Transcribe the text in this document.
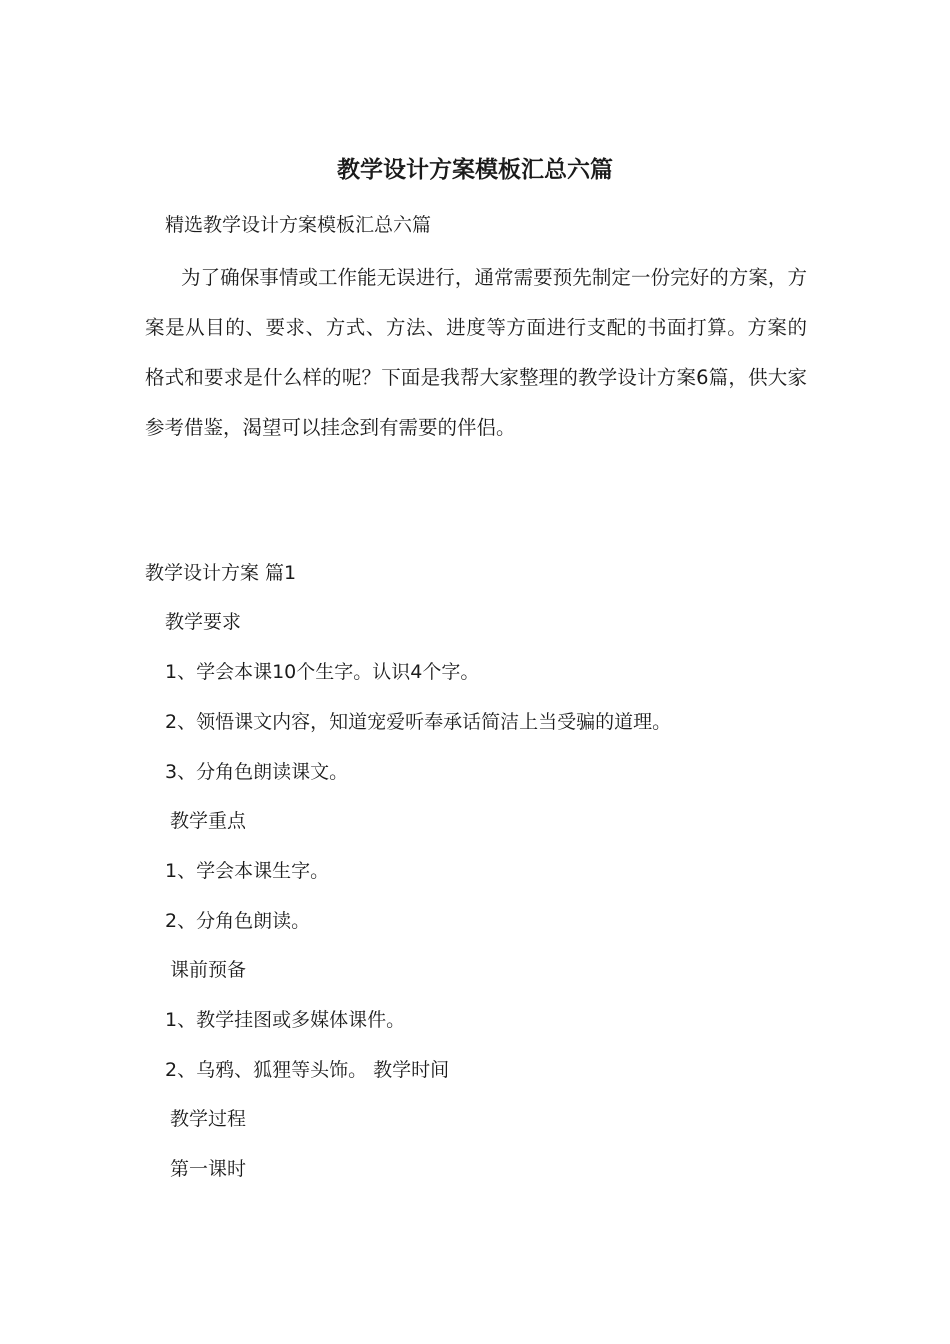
教学设计方案模板汇总六篇

精选教学设计方案模板汇总六篇

为了确保事情或工作能无误进行，通常需要预先制定一份完好的方案，方案是从目的、要求、方式、方法、进度等方面进行支配的书面打算。方案的格式和要求是什么样的呢？下面是我帮大家整理的教学设计方案6篇，供大家参考借鉴，渴望可以挂念到有需要的伴侣。

教学设计方案 篇1

教学要求

1、学会本课10个生字。认识4个字。

2、领悟课文内容，知道宠爱听奉承话简洁上当受骗的道理。

3、分角色朗读课文。

教学重点

1、学会本课生字。

2、分角色朗读。

课前预备

1、教学挂图或多媒体课件。

2、乌鸦、狐狸等头饰。 教学时间

教学过程

第一课时
